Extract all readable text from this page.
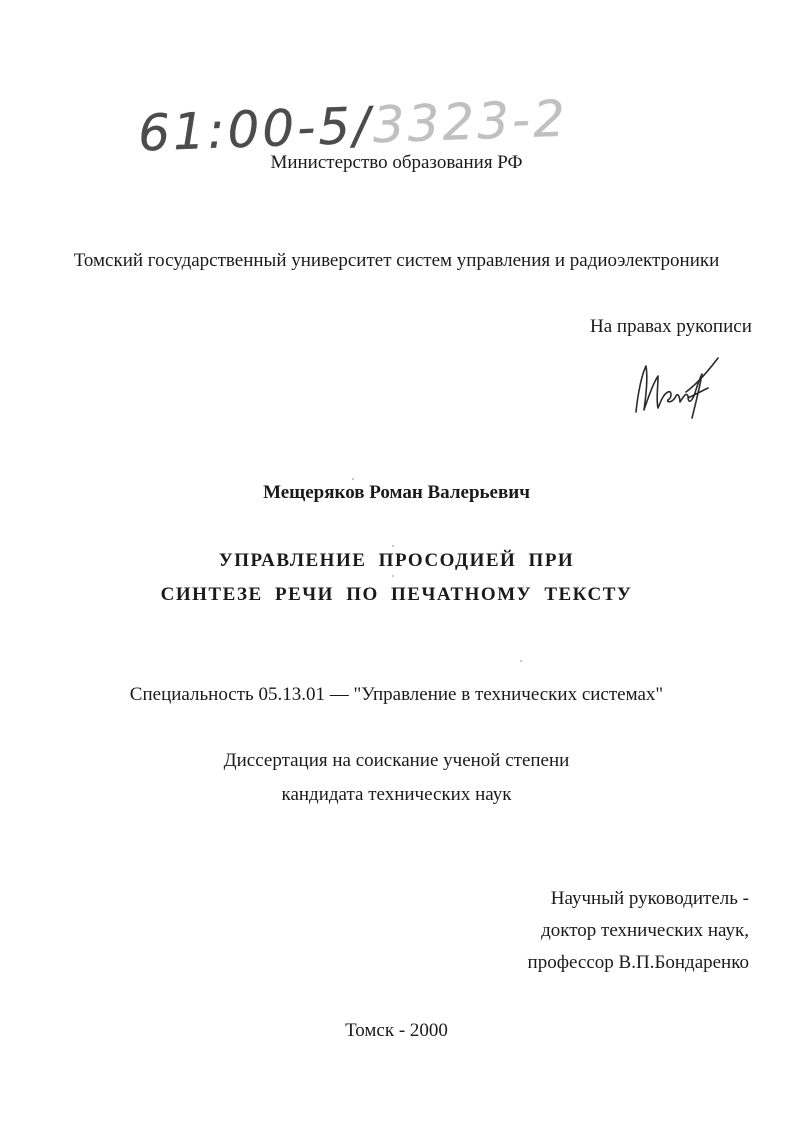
61:00-5/3323-2
Министерство образования РФ
Томский государственный университет систем управления и радиоэлектроники
На правах рукописи
Мещеряков Роман Валерьевич
УПРАВЛЕНИЕ ПРОСОДИЕЙ ПРИ
СИНТЕЗЕ РЕЧИ ПО ПЕЧАТНОМУ ТЕКСТУ
Специальность 05.13.01 — "Управление в технических системах"
Диссертация на соискание ученой степени
кандидата технических наук
Научный руководитель -
доктор технических наук,
профессор В.П.Бондаренко
Томск - 2000
